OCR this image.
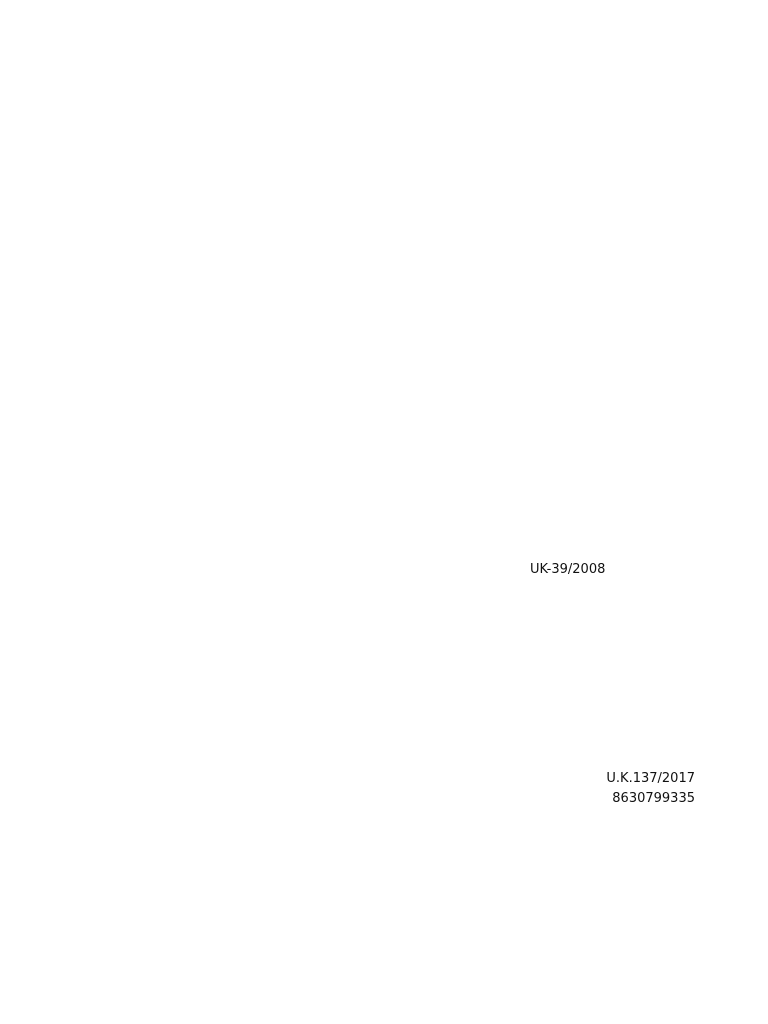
UK-39/2008
U.K.137/2017
8630799335
